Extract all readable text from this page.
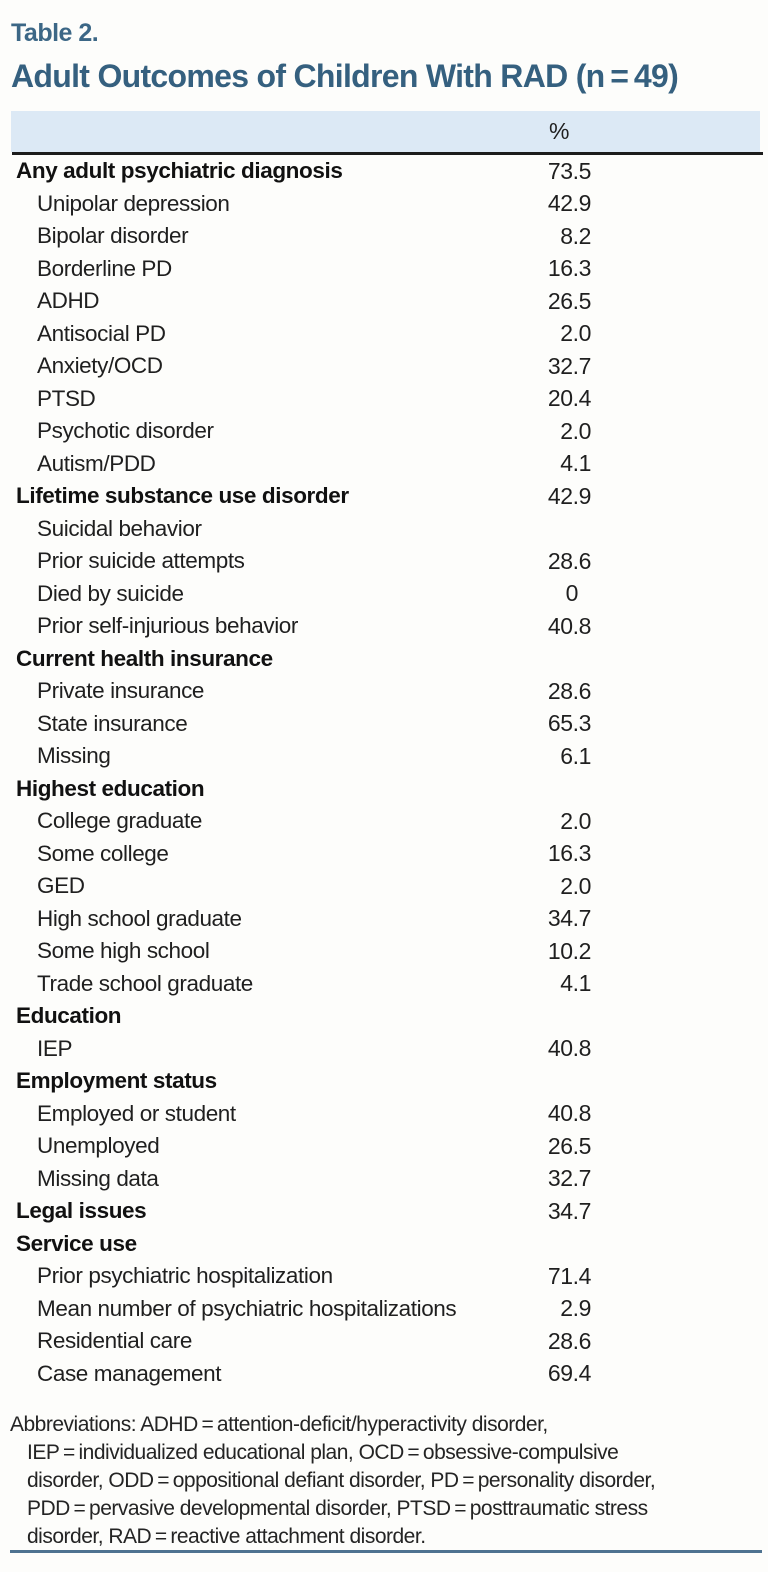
Table 2.
Adult Outcomes of Children With RAD (n = 49)
%
Any adult psychiatric diagnosis	73.5
Unipolar depression	42.9
Bipolar disorder	8.2
Borderline PD	16.3
ADHD	26.5
Antisocial PD	2.0
Anxiety/OCD	32.7
PTSD	20.4
Psychotic disorder	2.0
Autism/PDD	4.1
Lifetime substance use disorder	42.9
Suicidal behavior
Prior suicide attempts	28.6
Died by suicide	0
Prior self-injurious behavior	40.8
Current health insurance
Private insurance	28.6
State insurance	65.3
Missing	6.1
Highest education
College graduate	2.0
Some college	16.3
GED	2.0
High school graduate	34.7
Some high school	10.2
Trade school graduate	4.1
Education
IEP	40.8
Employment status
Employed or student	40.8
Unemployed	26.5
Missing data	32.7
Legal issues	34.7
Service use
Prior psychiatric hospitalization	71.4
Mean number of psychiatric hospitalizations	2.9
Residential care	28.6
Case management	69.4
Abbreviations: ADHD = attention-deficit/hyperactivity disorder,
IEP = individualized educational plan, OCD = obsessive-compulsive
disorder, ODD = oppositional defiant disorder, PD = personality disorder,
PDD = pervasive developmental disorder, PTSD = posttraumatic stress
disorder, RAD = reactive attachment disorder.
